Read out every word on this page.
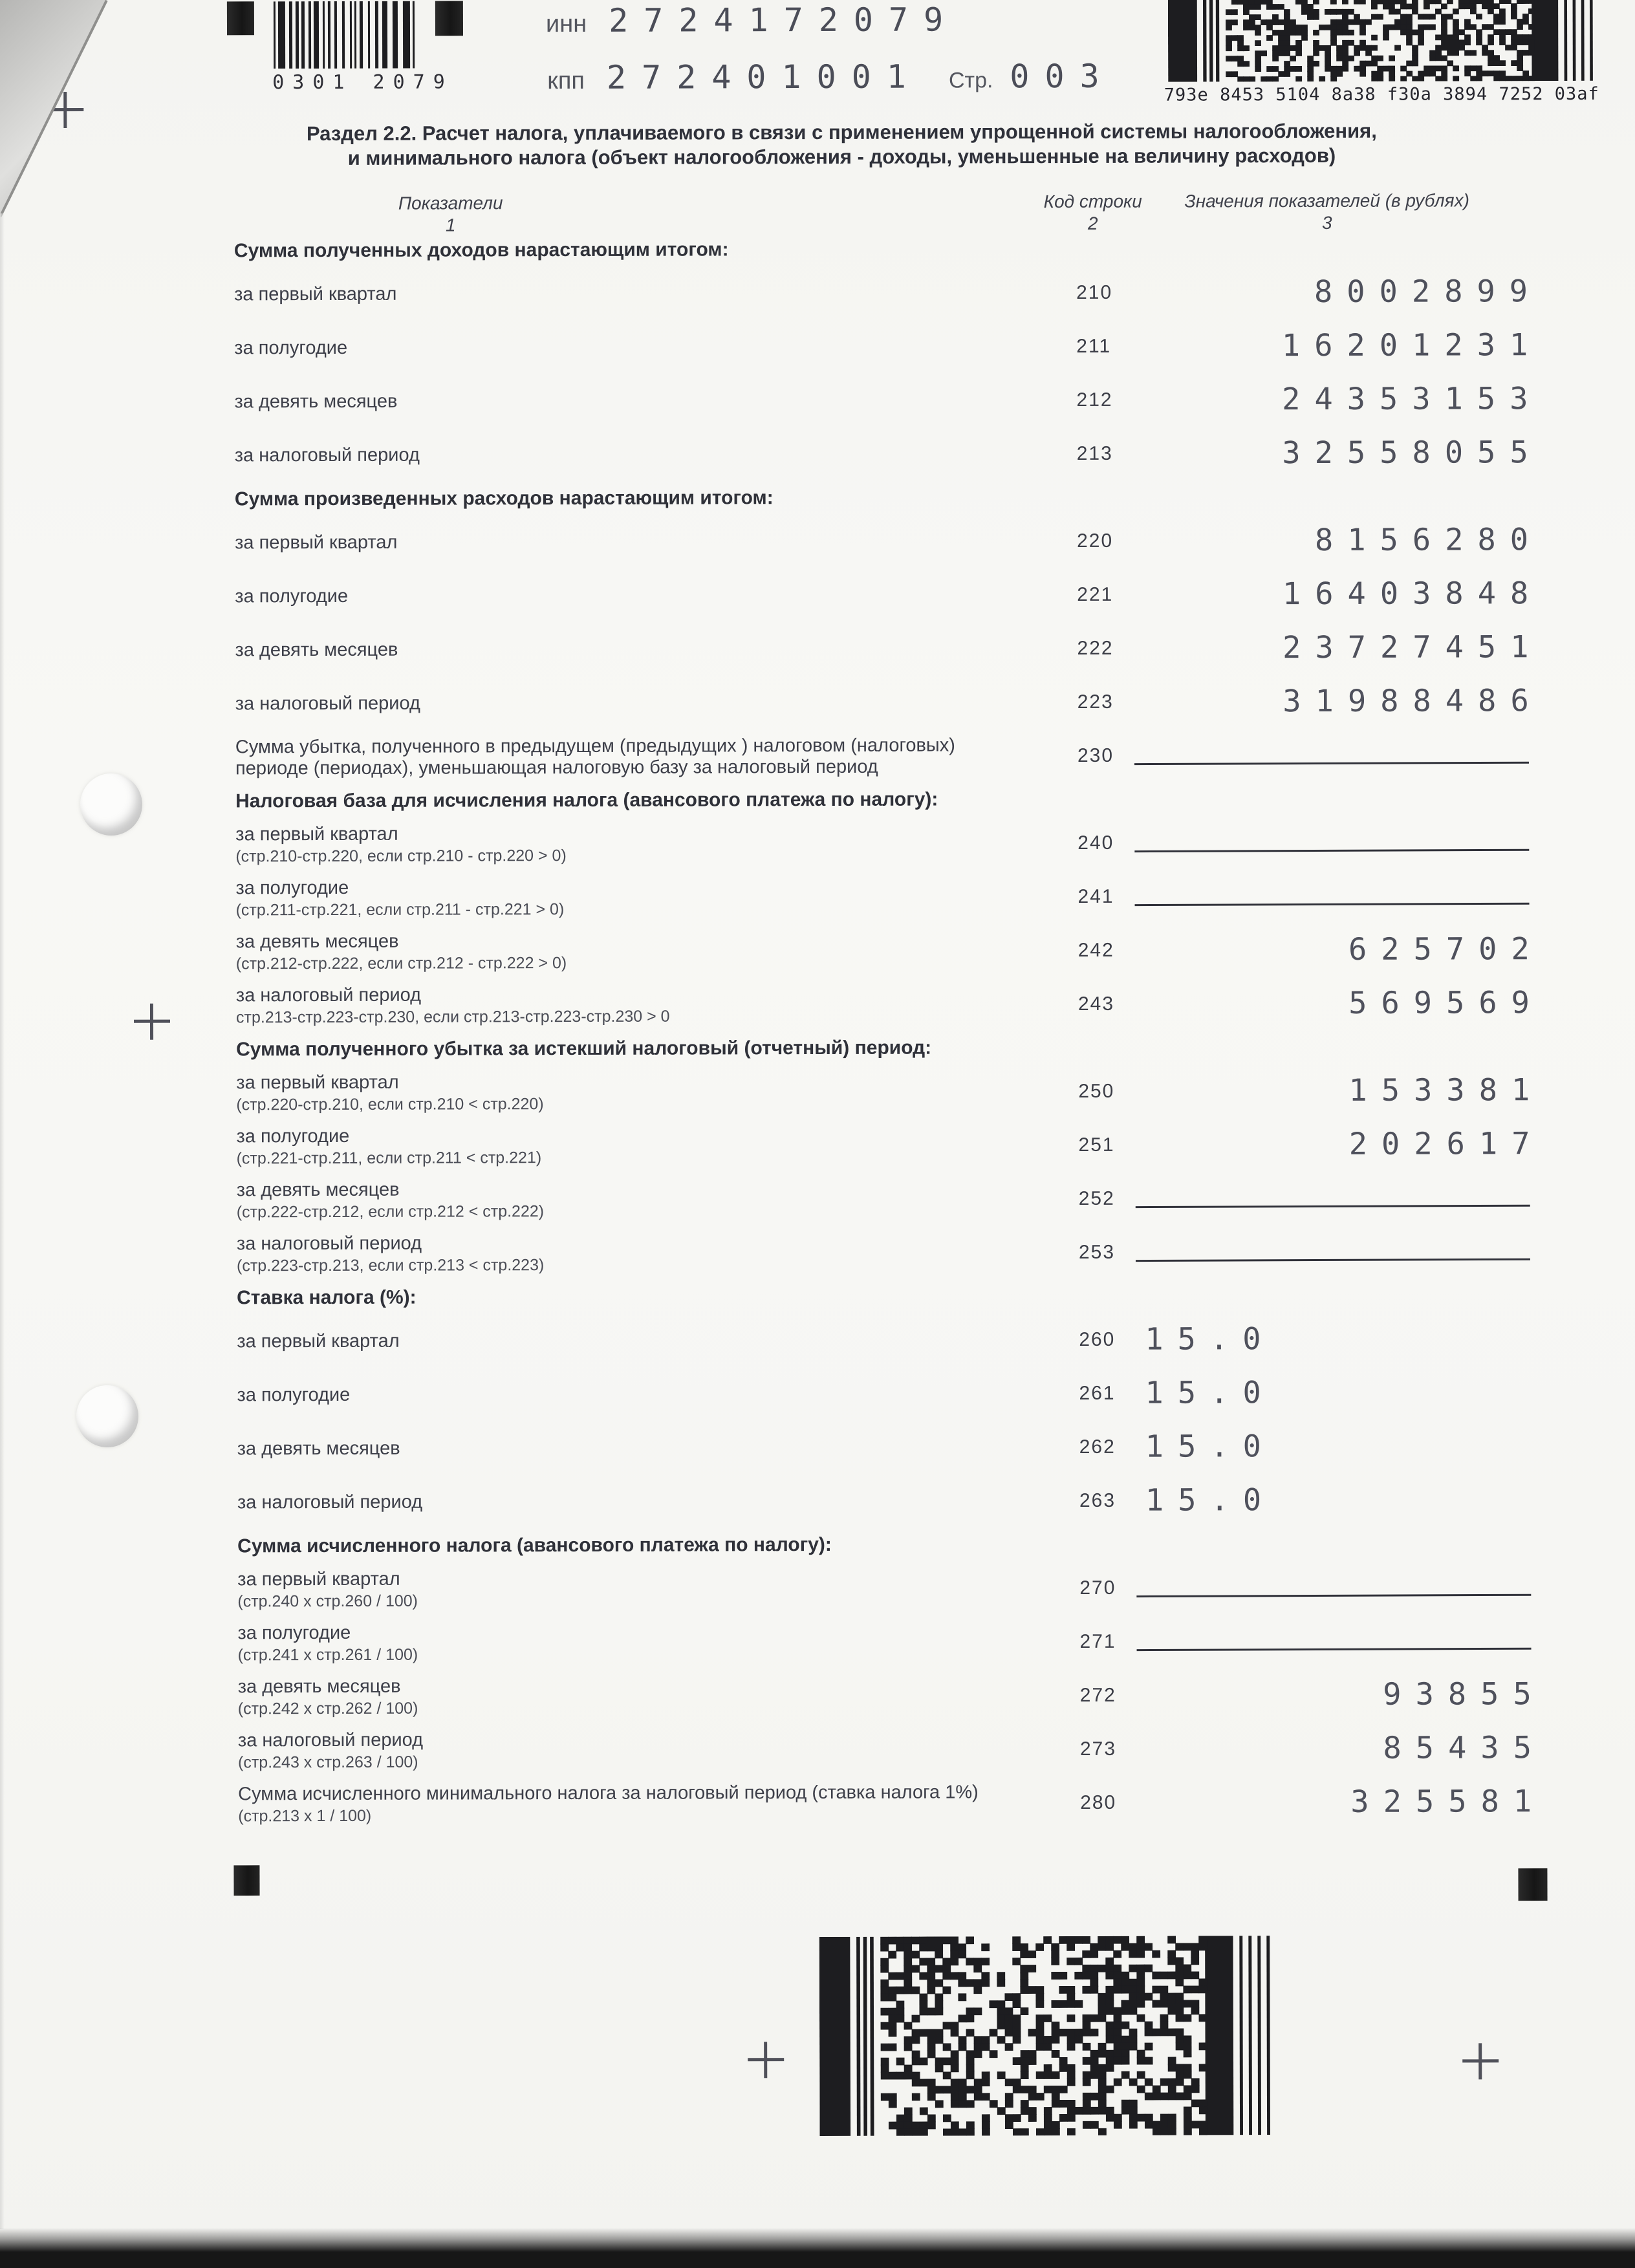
0301 2079
инн 2724172079
кпп 272401001 Стр. 003	793e 8453 5104 8a38 f30a 3894 7252 03af
Раздел 2.2. Расчет налога, уплачиваемого в связи с применением упрощенной системы налогообложения,
и минимального налога (объект налогообложения - доходы, уменьшенные на величину расходов)
Показатели
1
Код строки
2
Значения показателей (в рублях)
3
Сумма полученных доходов нарастающим итогом:
за первый квартал	210	8002899
за полугодие	211	16201231
за девять месяцев	212	24353153
за налоговый период	213	32558055
Сумма произведенных расходов нарастающим итогом:
за первый квартал	220	8156280
за полугодие	221	16403848
за девять месяцев	222	23727451
за налоговый период	223	31988486
Сумма убытка, полученного в предыдущем (предыдущих ) налоговом (налоговых)
периоде (периодах), уменьшающая налоговую базу за налоговый период
230
Налоговая база для исчисления налога (авансового платежа по налогу):
за первый квартал
(стр.210-стр.220, если стр.210 - стр.220 > 0)
240
за полугодие
(стр.211-стр.221, если стр.211 - стр.221 > 0)
241
за девять месяцев
(стр.212-стр.222, если стр.212 - стр.222 > 0)
242	625702
за налоговый период
стр.213-стр.223-стр.230, если стр.213-стр.223-стр.230 > 0
243	569569
Сумма полученного убытка за истекший налоговый (отчетный) период:
за первый квартал
(стр.220-стр.210, если стр.210 < стр.220)
250	153381
за полугодие
(стр.221-стр.211, если стр.211 < стр.221)
251	202617
за девять месяцев
(стр.222-стр.212, если стр.212 < стр.222)
252
за налоговый период
(стр.223-стр.213, если стр.213 < стр.223)
253
Ставка налога (%):
за первый квартал	260 15.0
за полугодие	261 15.0
за девять месяцев	262 15.0
за налоговый период	263 15.0
Сумма исчисленного налога (авансового платежа по налогу):
за первый квартал
(стр.240 х стр.260 / 100)
270
за полугодие
(стр.241 х стр.261 / 100)
271
за девять месяцев
(стр.242 х стр.262 / 100)
272	93855
за налоговый период
(стр.243 х стр.263 / 100)
273	85435
Сумма исчисленного минимального налога за налоговый период (ставка налога 1%)
(стр.213 х 1 / 100)
280	325581
